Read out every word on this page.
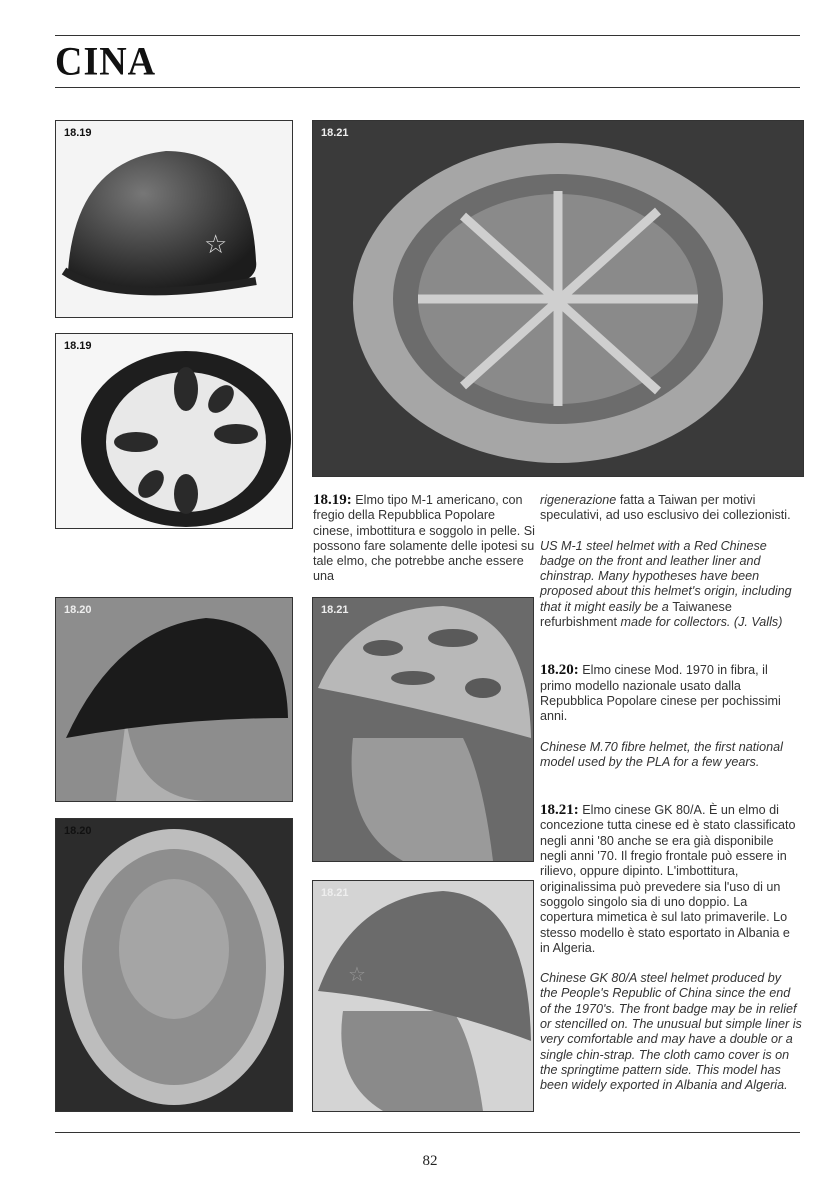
CINA
☆
18.19
18.19
18.21
18.20
18.20
18.21
☆
18.21
18.19: Elmo tipo M-1 americano, con fregio della Repubblica Popolare cinese, imbottitura e soggolo in pelle. Si possono fare solamente delle ipotesi su tale elmo, che potrebbe anche essere una

rigenerazione fatta a Taiwan per motivi speculativi, ad uso esclusivo dei collezionisti.

US M-1 steel helmet with a Red Chinese badge on the front and leather liner and chinstrap. Many hypotheses have been proposed about this helmet's origin, including that it might easily be a Taiwanese refurbishment made for collectors. (J. Valls)

18.20: Elmo cinese Mod. 1970 in fibra, il primo modello nazionale usato dalla Repubblica Popolare cinese per pochissimi anni.

Chinese M.70 fibre helmet, the first national model used by the PLA for a few years.

18.21: Elmo cinese GK 80/A. È un elmo di concezione tutta cinese ed è stato classificato negli anni '80 anche se era già disponibile negli anni '70. Il fregio frontale può essere in rilievo, oppure dipinto. L'imbottitura, originalissima può prevedere sia l'uso di un soggolo singolo sia di uno doppio. La copertura mimetica è sul lato primaverile. Lo stesso modello è stato esportato in Albania e in Algeria.

Chinese GK 80/A steel helmet produced by the People's Republic of China since the end of the 1970's. The front badge may be in relief or stencilled on. The unusual but simple liner is very comfortable and may have a double or a single chin-strap. The cloth camo cover is on the springtime pattern side. This model has been widely exported in Albania and Algeria.

82
